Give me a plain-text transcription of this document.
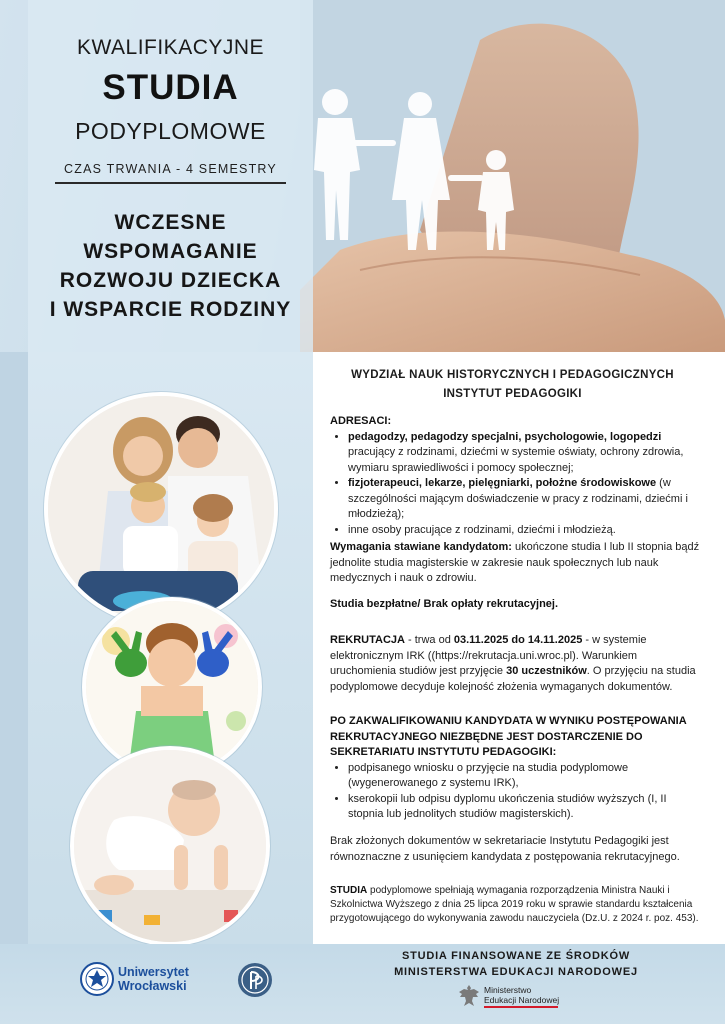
KWALIFIKACYJNE

STUDIA

PODYPLOMOWE

CZAS TRWANIA - 4 SEMESTRY

WCZESNE
WSPOMAGANIE
ROZWOJU DZIECKA
I WSPARCIE RODZINY
WYDZIAŁ NAUK HISTORYCZNYCH I PEDAGOGICZNYCH
INSTYTUT PEDAGOGIKI
ADRESACI:
• pedagodzy, pedagodzy specjalni, psychologowie, logopedzi pracujący z rodzinami, dziećmi w systemie oświaty, ochrony zdrowia, wymiaru sprawiedliwości i pomocy społecznej;
• fizjoterapeuci, lekarze, pielęgniarki, położne środowiskowe (w szczególności mającym doświadczenie w pracy z rodzinami, dziećmi i młodzieżą);
• inne osoby pracujące z rodzinami, dziećmi i młodzieżą.

Wymagania stawiane kandydatom: ukończone studia I lub II stopnia bądź jednolite studia magisterskie w zakresie nauk społecznych lub nauk medycznych i nauk o zdrowiu.

Studia bezpłatne/ Brak opłaty rekrutacyjnej.

REKRUTACJA - trwa od 03.11.2025 do 14.11.2025 - w systemie elektronicznym IRK ((https://rekrutacja.uni.wroc.pl). Warunkiem uruchomienia studiów jest przyjęcie 30 uczestników. O przyjęciu na studia podyplomowe decyduje kolejność złożenia wymaganych dokumentów.

PO ZAKWALIFIKOWANIU KANDYDATA W WYNIKU POSTĘPOWANIA REKRUTACYJNEGO NIEZBĘDNE JEST DOSTARCZENIE DO SEKRETARIATU INSTYTUTU PEDAGOGIKI:
• podpisanego wniosku o przyjęcie na studia podyplomowe (wygenerowanego z systemu IRK),
• kserokopii lub odpisu dyplomu ukończenia studiów wyższych (I, II stopnia lub jednolitych studiów magisterskich).

Brak złożonych dokumentów w sekretariacie Instytutu Pedagogiki jest równoznaczne z usunięciem kandydata z postępowania rekrutacyjnego.

STUDIA podyplomowe spełniają wymagania rozporządzenia Ministra Nauki i Szkolnictwa Wyższego z dnia 25 lipca 2019 roku w sprawie standardu kształcenia przygotowującego do wykonywania zawodu nauczyciela (Dz.U. z 2024 r. poz. 453).

Uniwersytet
Wrocławski
STUDIA FINANSOWANE ZE ŚRODKÓW
MINISTERSTWA EDUKACJI NARODOWEJ
Ministerstwo
Edukacji Narodowej
